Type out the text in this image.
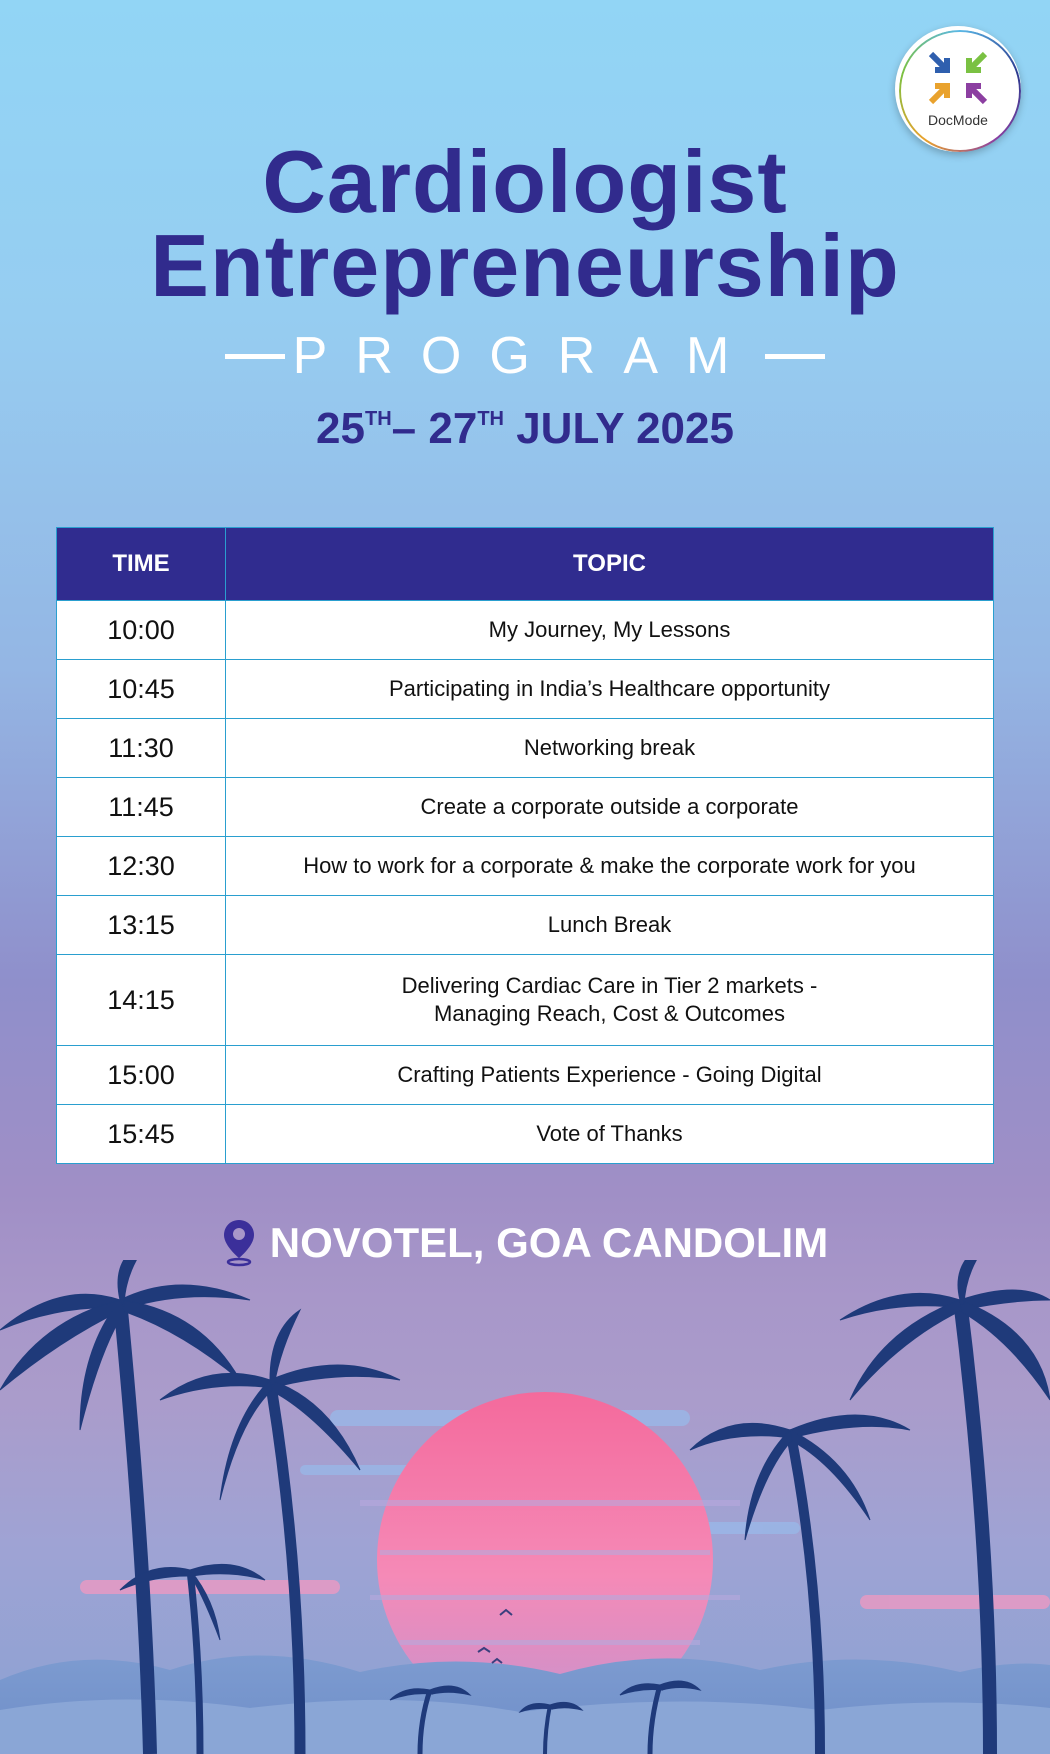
DocMode
Cardiologist
Entrepreneurship
PROGRAM
25TH– 27TH JULY 2025
TIME	TOPIC
10:00	My Journey, My Lessons
10:45	Participating in India’s Healthcare opportunity
11:30	Networking break
11:45	Create a corporate outside a corporate
12:30	How to work for a corporate & make the corporate work for you
13:15	Lunch Break
14:15	Delivering Cardiac Care in Tier 2 markets -
Managing Reach, Cost & Outcomes

15:00	Crafting Patients Experience - Going Digital
15:45	Vote of Thanks
NOVOTEL, GOA CANDOLIM
